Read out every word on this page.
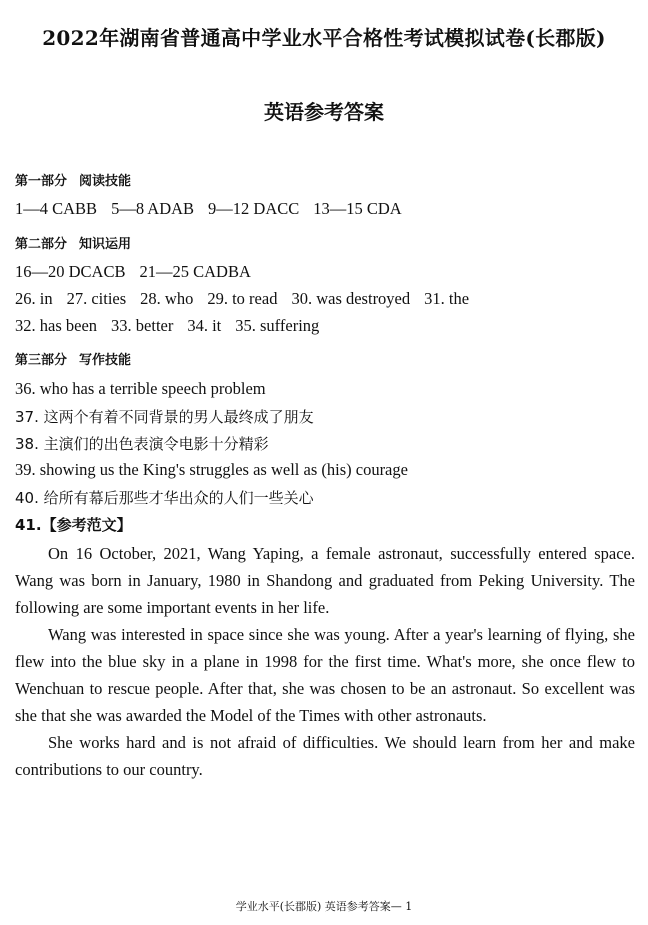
2022年湖南省普通高中学业水平合格性考试模拟试卷(长郡版)
英语参考答案
第一部分 阅读技能
1—4 CABB 5—8 ADAB 9—12 DACC 13—15 CDA
第二部分 知识运用
16—20 DCACB 21—25 CADBA
26. in 27. cities 28. who 29. to read 30. was destroyed 31. the
32. has been 33. better 34. it 35. suffering
第三部分 写作技能
36. who has a terrible speech problem
37. 这两个有着不同背景的男人最终成了朋友
38. 主演们的出色表演令电影十分精彩
39. showing us the King's struggles as well as (his) courage
40. 给所有幕后那些才华出众的人们一些关心
41.【参考范文】

On 16 October, 2021, Wang Yaping, a female astronaut, successfully entered space. Wang was born in January, 1980 in Shandong and graduated from Peking University. The following are some important events in her life.

Wang was interested in space since she was young. After a year's learning of flying, she flew into the blue sky in a plane in 1998 for the first time. What's more, she once flew to Wenchuan to rescue people. After that, she was chosen to be an astronaut. So excellent was she that she was awarded the Model of the Times with other astronauts.

She works hard and is not afraid of difficulties. We should learn from her and make contributions to our country.

学业水平(长郡版) 英语参考答案— 1
